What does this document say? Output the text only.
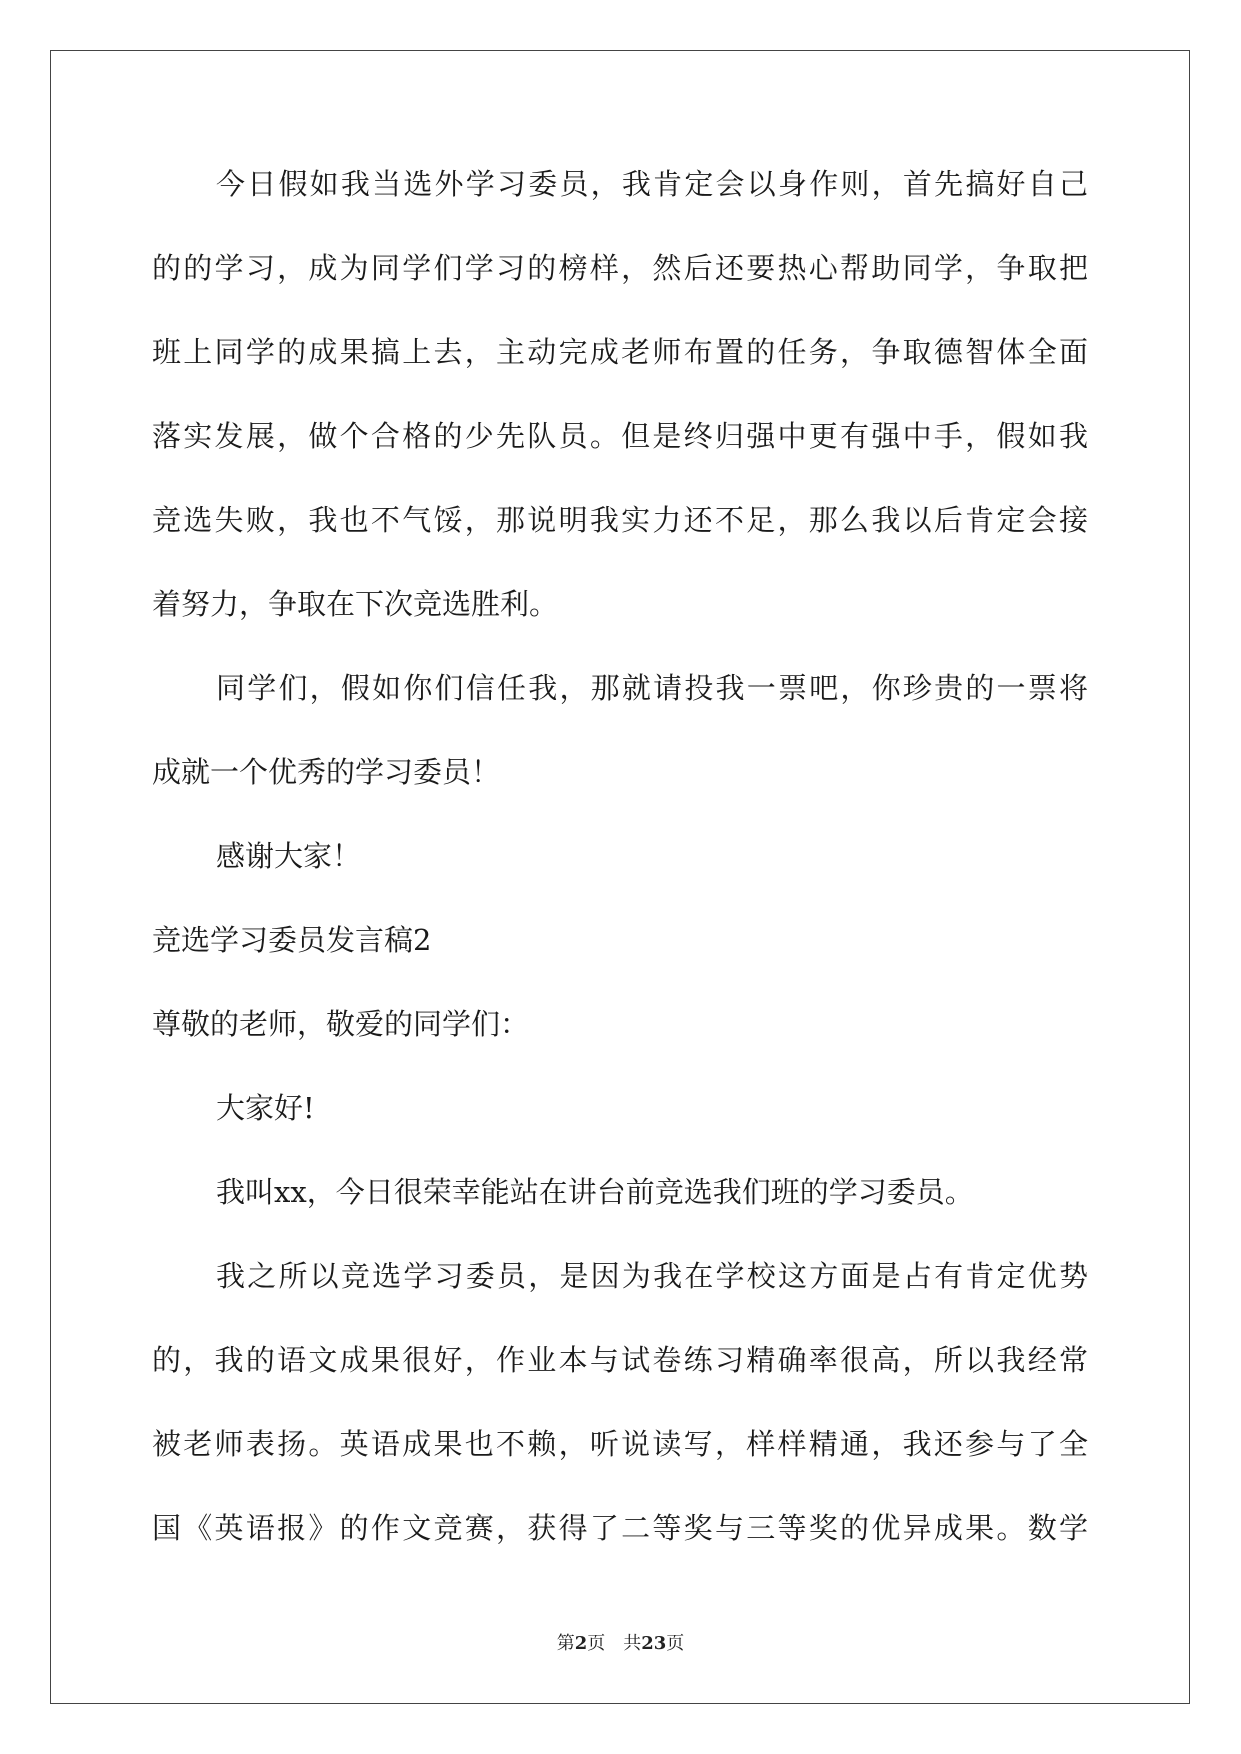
今日假如我当选外学习委员，我肯定会以身作则，首先搞好自己
的的学习，成为同学们学习的榜样，然后还要热心帮助同学，争取把
班上同学的成果搞上去，主动完成老师布置的任务，争取德智体全面
落实发展，做个合格的少先队员。但是终归强中更有强中手，假如我
竞选失败，我也不气馁，那说明我实力还不足，那么我以后肯定会接
着努力，争取在下次竞选胜利。
同学们，假如你们信任我，那就请投我一票吧，你珍贵的一票将
成就一个优秀的学习委员！
感谢大家！
竞选学习委员发言稿2
尊敬的老师，敬爱的同学们：
大家好!
我叫xx，今日很荣幸能站在讲台前竞选我们班的学习委员。
我之所以竞选学习委员，是因为我在学校这方面是占有肯定优势
的，我的语文成果很好，作业本与试卷练习精确率很高，所以我经常
被老师表扬。英语成果也不赖，听说读写，样样精通，我还参与了全
国《英语报》的作文竞赛，获得了二等奖与三等奖的优异成果。数学
第2页 共23页
